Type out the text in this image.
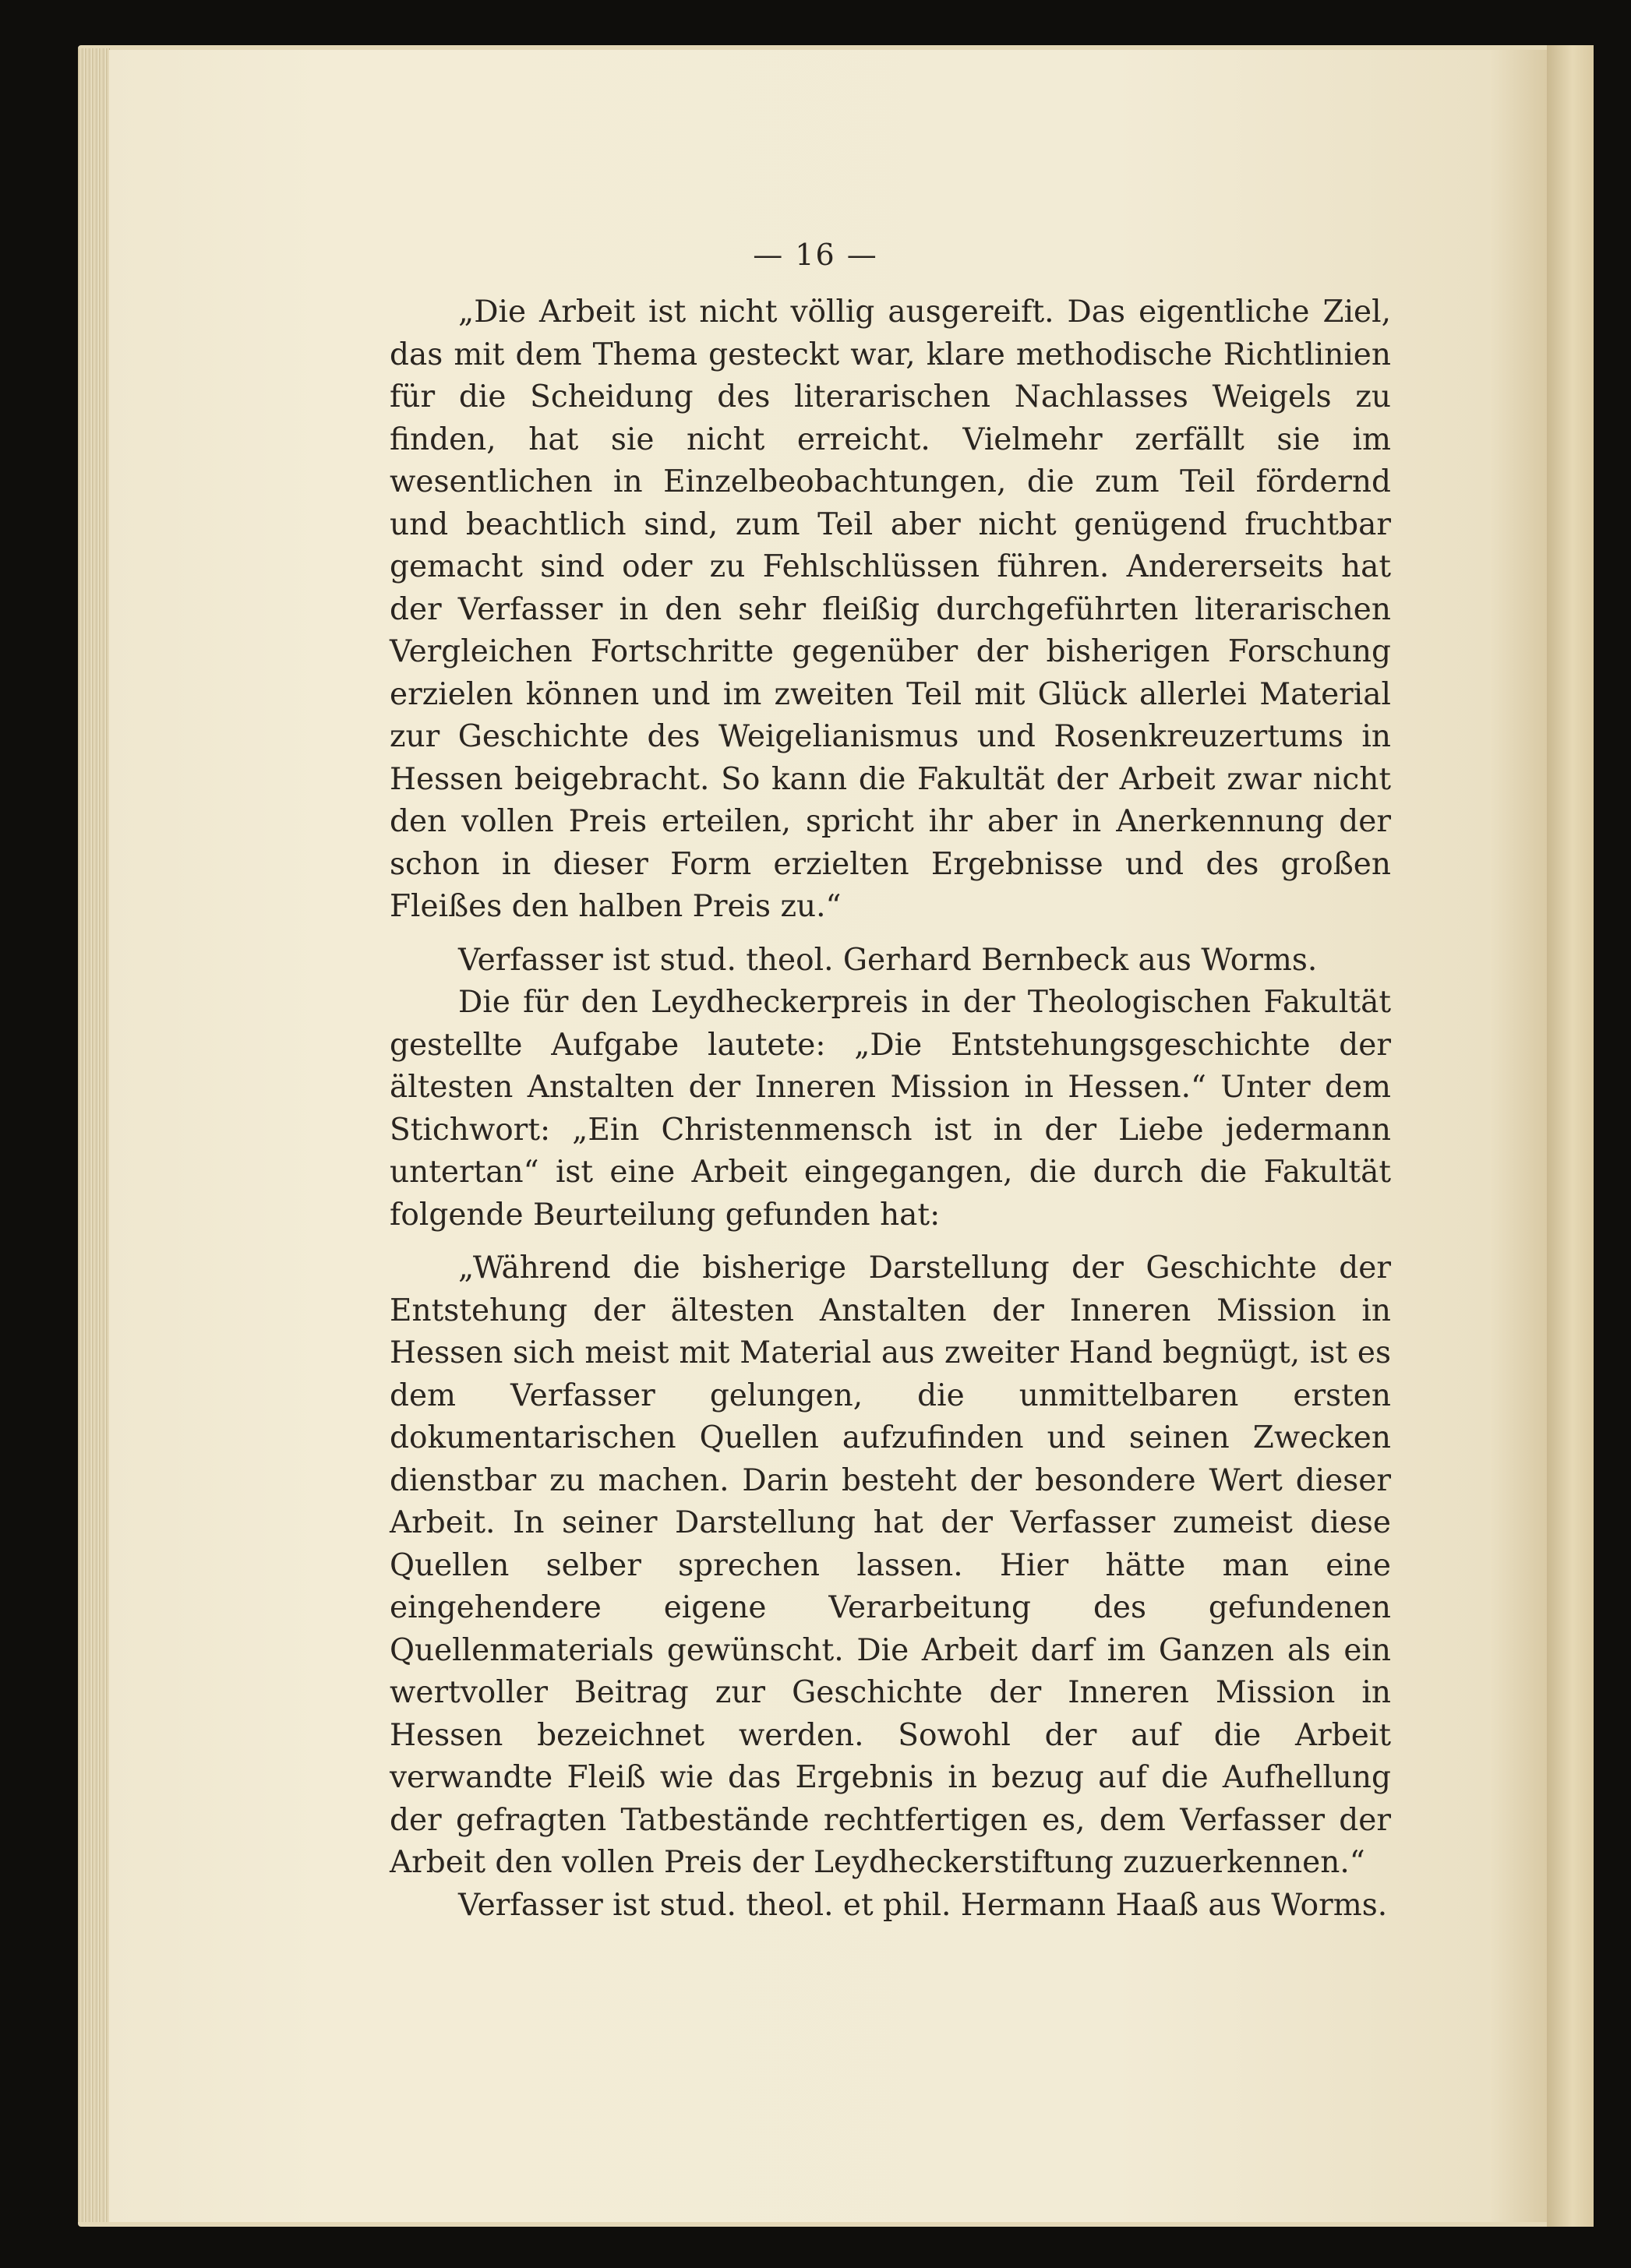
— 16 —

„Die Arbeit ist nicht völlig ausgereift. Das eigentliche Ziel, das mit dem Thema gesteckt war, klare methodische Richtlinien für die Scheidung des literarischen Nachlasses Weigels zu finden, hat sie nicht erreicht. Vielmehr zerfällt sie im wesentlichen in Einzelbeobachtungen, die zum Teil fördernd und beachtlich sind, zum Teil aber nicht genügend fruchtbar gemacht sind oder zu Fehlschlüssen führen. Andererseits hat der Verfasser in den sehr fleißig durchgeführten literarischen Vergleichen Fortschritte gegenüber der bisherigen Forschung erzielen können und im zweiten Teil mit Glück allerlei Material zur Geschichte des Weigelianismus und Rosenkreuzertums in Hessen beigebracht. So kann die Fakultät der Arbeit zwar nicht den vollen Preis erteilen, spricht ihr aber in Anerkennung der schon in dieser Form erzielten Ergebnisse und des großen Fleißes den halben Preis zu.“

Verfasser ist stud. theol. Gerhard Bernbeck aus Worms.

Die für den Leydheckerpreis in der Theologischen Fakultät gestellte Aufgabe lautete: „Die Entstehungsgeschichte der ältesten Anstalten der Inneren Mission in Hessen.“ Unter dem Stichwort: „Ein Christenmensch ist in der Liebe jedermann untertan“ ist eine Arbeit eingegangen, die durch die Fakultät folgende Beurteilung gefunden hat:

„Während die bisherige Darstellung der Geschichte der Entstehung der ältesten Anstalten der Inneren Mission in Hessen sich meist mit Material aus zweiter Hand begnügt, ist es dem Verfasser gelungen, die unmittelbaren ersten dokumentarischen Quellen aufzufinden und seinen Zwecken dienstbar zu machen. Darin besteht der besondere Wert dieser Arbeit. In seiner Darstellung hat der Verfasser zumeist diese Quellen selber sprechen lassen. Hier hätte man eine eingehendere eigene Verarbeitung des gefundenen Quellenmaterials gewünscht. Die Arbeit darf im Ganzen als ein wertvoller Beitrag zur Geschichte der Inneren Mission in Hessen bezeichnet werden. Sowohl der auf die Arbeit verwandte Fleiß wie das Ergebnis in bezug auf die Aufhellung der gefragten Tatbestände rechtfertigen es, dem Verfasser der Arbeit den vollen Preis der Leydheckerstiftung zuzuerkennen.“

Verfasser ist stud. theol. et phil. Hermann Haaß aus Worms.
